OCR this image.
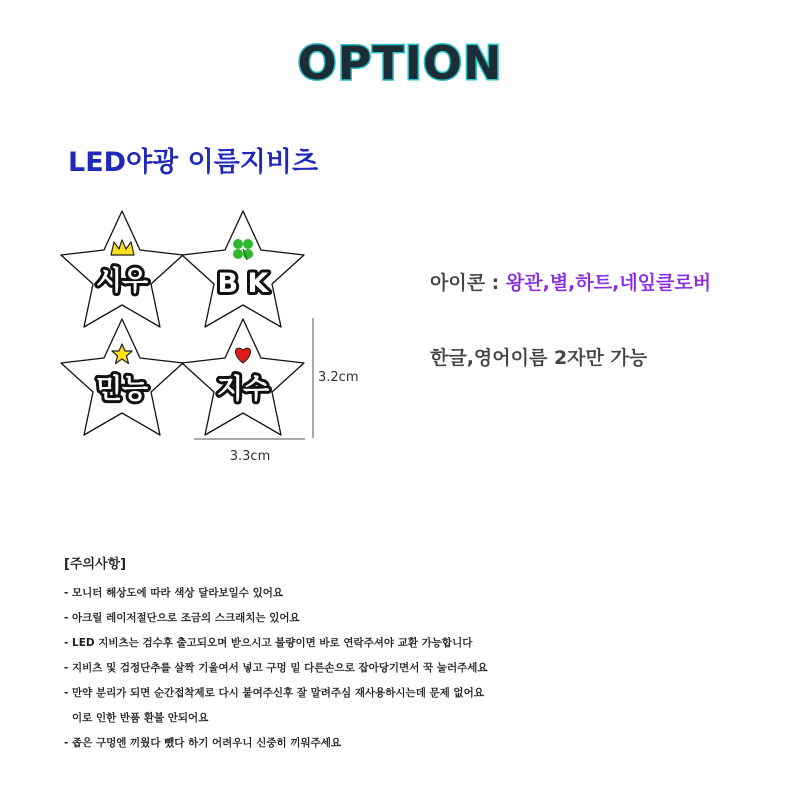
OPTION
LED야광 이름지비츠
시우	B K
민능	지수	3.2cm
3.3cm
아이콘 : 왕관,별,하트,네잎클로버
한글,영어이름 2자만 가능
[주의사항]
- 모니터 해상도에 따라 색상 달라보일수 있어요
- 아크릴 레이저절단으로 조금의 스크래치는 있어요
- LED 지비츠는 검수후 출고되오며 받으시고 불량이면 바로 연락주셔야 교환 가능합니다
- 지비츠 및 검정단추를 살짝 기울여서 넣고 구멍 밑 다른손으로 잡아당기면서 꾹 눌러주세요
- 만약 분리가 되면 순간접착제로 다시 붙여주신후 잘 말려주심 재사용하시는데 문제 없어요
이로 인한 반품 환불 안되어요
- 좁은 구멍엔 끼웠다 뺐다 하기 어려우니 신중히 끼워주세요
